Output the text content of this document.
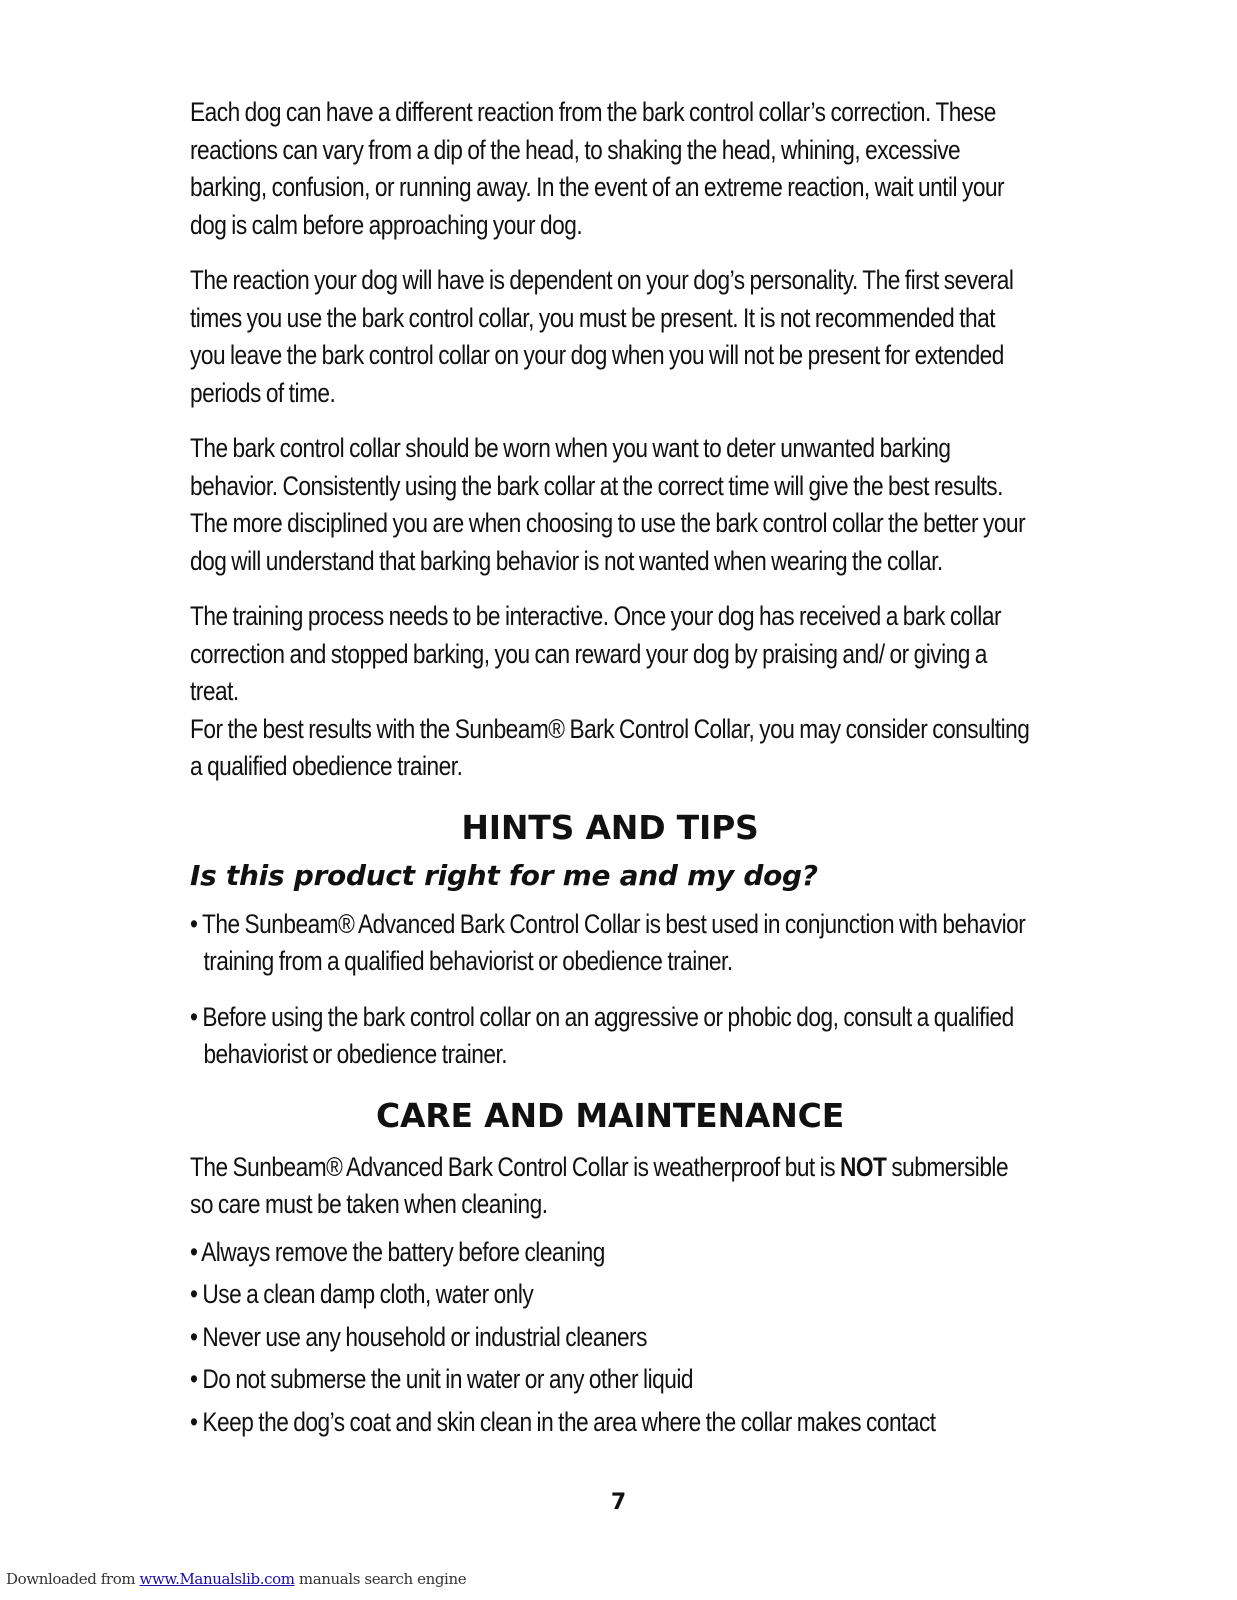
Each dog can have a different reaction from the bark control collar’s correction. These reactions can vary from a dip of the head, to shaking the head, whining, excessive barking, confusion, or running away. In the event of an extreme reaction, wait until your dog is calm before approaching your dog.

The reaction your dog will have is dependent on your dog’s personality. The first several times you use the bark control collar, you must be present. It is not recommended that you leave the bark control collar on your dog when you will not be present for extended periods of time.

The bark control collar should be worn when you want to deter unwanted barking behavior. Consistently using the bark collar at the correct time will give the best results. The more disciplined you are when choosing to use the bark control collar the better your dog will understand that barking behavior is not wanted when wearing the collar.

The training process needs to be interactive. Once your dog has received a bark collar correction and stopped barking, you can reward your dog by praising and/ or giving a treat.

For the best results with the Sunbeam® Bark Control Collar, you may consider consulting a qualified obedience trainer.

HINTS AND TIPS
Is this product right for me and my dog?
• The Sunbeam® Advanced Bark Control Collar is best used in conjunction with behavior training from a qualified behaviorist or obedience trainer.
• Before using the bark control collar on an aggressive or phobic dog, consult a qualified behaviorist or obedience trainer.
CARE AND MAINTENANCE

The Sunbeam® Advanced Bark Control Collar is weatherproof but is NOT submersible so care must be taken when cleaning.

• Always remove the battery before cleaning
• Use a clean damp cloth, water only
• Never use any household or industrial cleaners
• Do not submerse the unit in water or any other liquid
• Keep the dog’s coat and skin clean in the area where the collar makes contact
7
Downloaded from www.Manualslib.com manuals search engine
